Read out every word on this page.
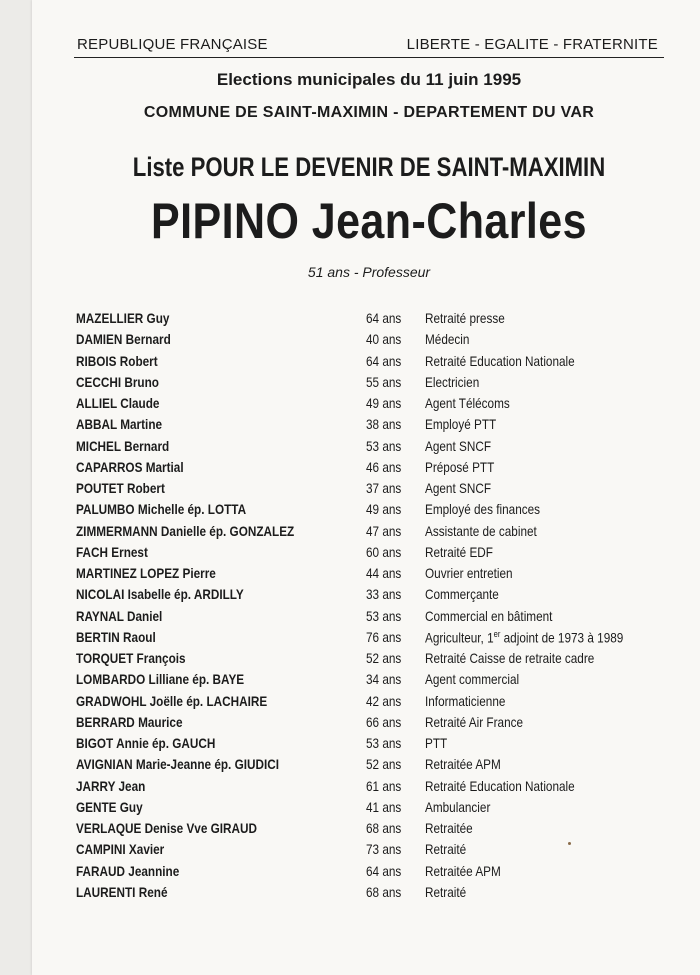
REPUBLIQUE FRANÇAISE	LIBERTE - EGALITE - FRATERNITE
Elections municipales du 11 juin 1995
COMMUNE DE SAINT-MAXIMIN - DEPARTEMENT DU VAR
Liste POUR LE DEVENIR DE SAINT-MAXIMIN
PIPINO Jean-Charles
51 ans - Professeur
MAZELLIER Guy	64 ans Retraité presse
DAMIEN Bernard	40 ans Médecin
RIBOIS Robert	64 ans Retraité Education Nationale
CECCHI Bruno	55 ans Electricien
ALLIEL Claude	49 ans Agent Télécoms
ABBAL Martine	38 ans Employé PTT
MICHEL Bernard	53 ans Agent SNCF
CAPARROS Martial	46 ans Préposé PTT
POUTET Robert	37 ans Agent SNCF
PALUMBO Michelle ép. LOTTA	49 ans Employé des finances
ZIMMERMANN Danielle ép. GONZALEZ	47 ans Assistante de cabinet
FACH Ernest	60 ans Retraité EDF
MARTINEZ LOPEZ Pierre	44 ans Ouvrier entretien
NICOLAI Isabelle ép. ARDILLY	33 ans Commerçante
RAYNAL Daniel	53 ans Commercial en bâtiment
BERTIN Raoul	76 ans Agriculteur, 1er adjoint de 1973 à 1989
TORQUET François	52 ans Retraité Caisse de retraite cadre
LOMBARDO Lilliane ép. BAYE	34 ans Agent commercial
GRADWOHL Joëlle ép. LACHAIRE	42 ans Informaticienne
BERRARD Maurice	66 ans Retraité Air France
BIGOT Annie ép. GAUCH	53 ans PTT
AVIGNIAN Marie-Jeanne ép. GIUDICI	52 ans Retraitée APM
JARRY Jean	61 ans Retraité Education Nationale
GENTE Guy	41 ans Ambulancier
VERLAQUE Denise Vve GIRAUD	68 ans Retraitée
CAMPINI Xavier	73 ans Retraité
FARAUD Jeannine	64 ans Retraitée APM
LAURENTI René	68 ans Retraité
